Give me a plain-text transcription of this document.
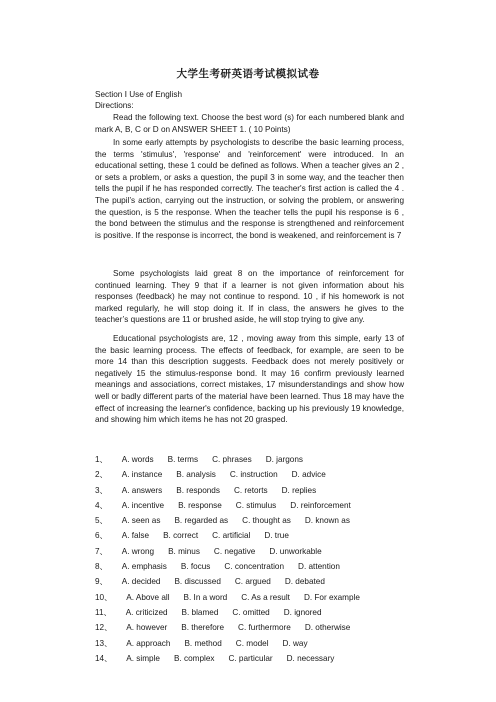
大学生考研英语考试模拟试卷
Section Ⅰ Use of English
Directions:
Read the following text. Choose the best word (s) for each numbered blank and mark A, B, C or D on ANSWER SHEET 1. ( 10 Points)
In some early attempts by psychologists to describe the basic learning process, the terms 'stimulus', 'response' and 'reinforcement' were introduced. In an educational setting, these 1 could be defined as follows. When a teacher gives an 2 , or sets a problem, or asks a question, the pupil 3 in some way, and the teacher then tells the pupil if he has responded correctly. The teacher's first action is called the 4 . The pupil’s action, carrying out the instruction, or solving the problem, or answering the question, is 5 the response. When the teacher tells the pupil his response is 6 , the bond between the stimulus and the response is strengthened and reinforcement is positive. If the response is incorrect, the bond is weakened, and reinforcement is 7
Some psychologists laid great 8 on the importance of reinforcement for continued learning. They 9 that if a learner is not given information about his responses (feedback) he may not continue to respond. 10 , if his homework is not marked regularly, he will stop doing it. If in class, the answers he gives to the teacher’s questions are 11 or brushed aside, he will stop trying to give any.
Educational psychologists are, 12 , moving away from this simple, early 13 of the basic learning process. The effects of feedback, for example, are seen to be more 14 than this description suggests. Feedback does not merely positively or negatively 15 the stimulus-response bond. It may 16 confirm previously learned meanings and associations, correct mistakes, 17 misunderstandings and show how well or badly different parts of the material have been learned. Thus 18 may have the effect of increasing the learner's confidence, backing up his previously 19 knowledge, and showing him which items he has not 20 grasped.
1、 A. words B. terms C. phrases D. jargons
2、 A. instance B. analysis C. instruction D. advice
3、 A. answers B. responds C. retorts D. replies
4、 A. incentive B. response C. stimulus D. reinforcement
5、 A. seen as B. regarded as C. thought as D. known as
6、 A. false B. correct C. artificial D. true
7、 A. wrong B. minus C. negative D. unworkable
8、 A. emphasis B. focus C. concentration D. attention
9、 A. decided B. discussed C. argued D. debated
10、 A. Above all B. In a word C. As a result D. For example
11、 A. criticized B. blamed C. omitted D. ignored
12、 A. however B. therefore C. furthermore D. otherwise
13、 A. approach B. method C. model D. way
14、 A. simple B. complex C. particular D. necessary
